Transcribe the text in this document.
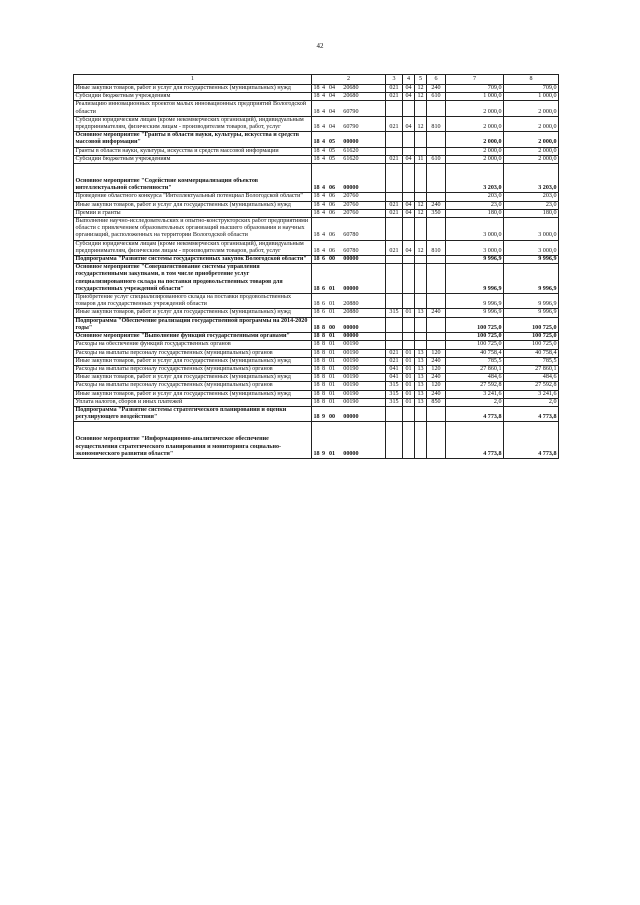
42
1	2	3	4	5	6	7	8
Иные закупки товаров, работ и услуг для государственных (муниципальных) нужд	18 4 04 20680	021	04	12	240	709,0	709,0
Субсидии бюджетным учреждениям	18 4 04 20680	021	04	12	610	1 000,0	1 000,0
Реализацию инновационных проектов малых инновационных предприятий Вологодской области	18 4 04 60790					2 000,0	2 000,0
Субсидии юридическим лицам (кроме некоммерческих организаций), индивидуальным предпринимателям, физическим лицам - производителям товаров, работ, услуг	18 4 04 60790	021	04	12	810	2 000,0	2 000,0
Основное мероприятие "Гранты в области науки, культуры, искусства и средств массовой информации"	18 4 05 00000					2 000,0	2 000,0
Гранты в области науки, культуры, искусства и средств массовой информации	18 4 05 61620					2 000,0	2 000,0
Субсидии бюджетным учреждениям	18 4 05 61620	021	04	11	610	2 000,0	2 000,0
Основное мероприятие "Содействие коммерциализации объектов интеллектуальной собственности"	18 4 06 00000					3 203,0	3 203,0
Проведение областного конкурса "Интеллектуальный потенциал Вологодской области"	18 4 06 20760					203,0	203,0
Иные закупки товаров, работ и услуг для государственных (муниципальных) нужд	18 4 06 20760	021	04	12	240	23,0	23,0
Премии и гранты	18 4 06 20760	021	04	12	350	180,0	180,0
Выполнение научно-исследовательских и опытно-конструкторских работ предприятиями области с привлечением образовательных организаций высшего образования и научных организаций, расположенных на территории Вологодской области	18 4 06 60780					3 000,0	3 000,0
Субсидии юридическим лицам (кроме некоммерческих организаций), индивидуальным предпринимателям, физическим лицам - производителям товаров, работ, услуг	18 4 06 60780	021	04	12	810	3 000,0	3 000,0
Подпрограмма "Развитие системы государственных закупок Вологодской области"	18 6 00 00000					9 996,9	9 996,9
Основное мероприятие "Совершенствование системы управления государственными закупками, в том числе приобретение услуг специализированного склада на поставки продовольственных товаров для государственных учреждений области"	18 6 01 00000					9 996,9	9 996,9
Приобретение услуг специализированного склада на поставки продовольственных товаров для государственных учреждений области	18 6 01 20880					9 996,9	9 996,9
Иные закупки товаров, работ и услуг для государственных (муниципальных) нужд	18 6 01 20880	315	01	13	240	9 996,9	9 996,9
Подпрограмма "Обеспечение реализации государственной программы на 2014-2020 годы"	18 8 00 00000					100 725,0	100 725,0
Основное мероприятие "Выполнение функций государственными органами"	18 8 01 00000					100 725,0	100 725,0
Расходы на обеспечение функций государственных органов	18 8 01 00190					100 725,0	100 725,0
Расходы на выплаты персоналу государственных (муниципальных) органов	18 8 01 00190	021	01	13	120	40 758,4	40 758,4
Иные закупки товаров, работ и услуг для государственных (муниципальных) нужд	18 8 01 00190	021	01	13	240	785,5	785,5
Расходы на выплаты персоналу государственных (муниципальных) органов	18 8 01 00190	041	01	13	120	27 860,1	27 860,1
Иные закупки товаров, работ и услуг для государственных (муниципальных) нужд	18 8 01 00190	041	01	13	240	484,6	484,6
Расходы на выплаты персоналу государственных (муниципальных) органов	18 8 01 00190	315	01	13	120	27 592,8	27 592,8
Иные закупки товаров, работ и услуг для государственных (муниципальных) нужд	18 8 01 00190	315	01	13	240	3 241,6	3 241,6
Уплата налогов, сборов и иных платежей	18 8 01 00190	315	01	13	850	2,0	2,0
Подпрограмма "Развитие системы стратегического планирования и оценки регулирующего воздействия"	18 9 00 00000					4 773,8	4 773,8
Основное мероприятие "Информационно-аналитическое обеспечение осуществления стратегического планирования и мониторинга социально-экономического развития области"	18 9 01 00000					4 773,8	4 773,8
